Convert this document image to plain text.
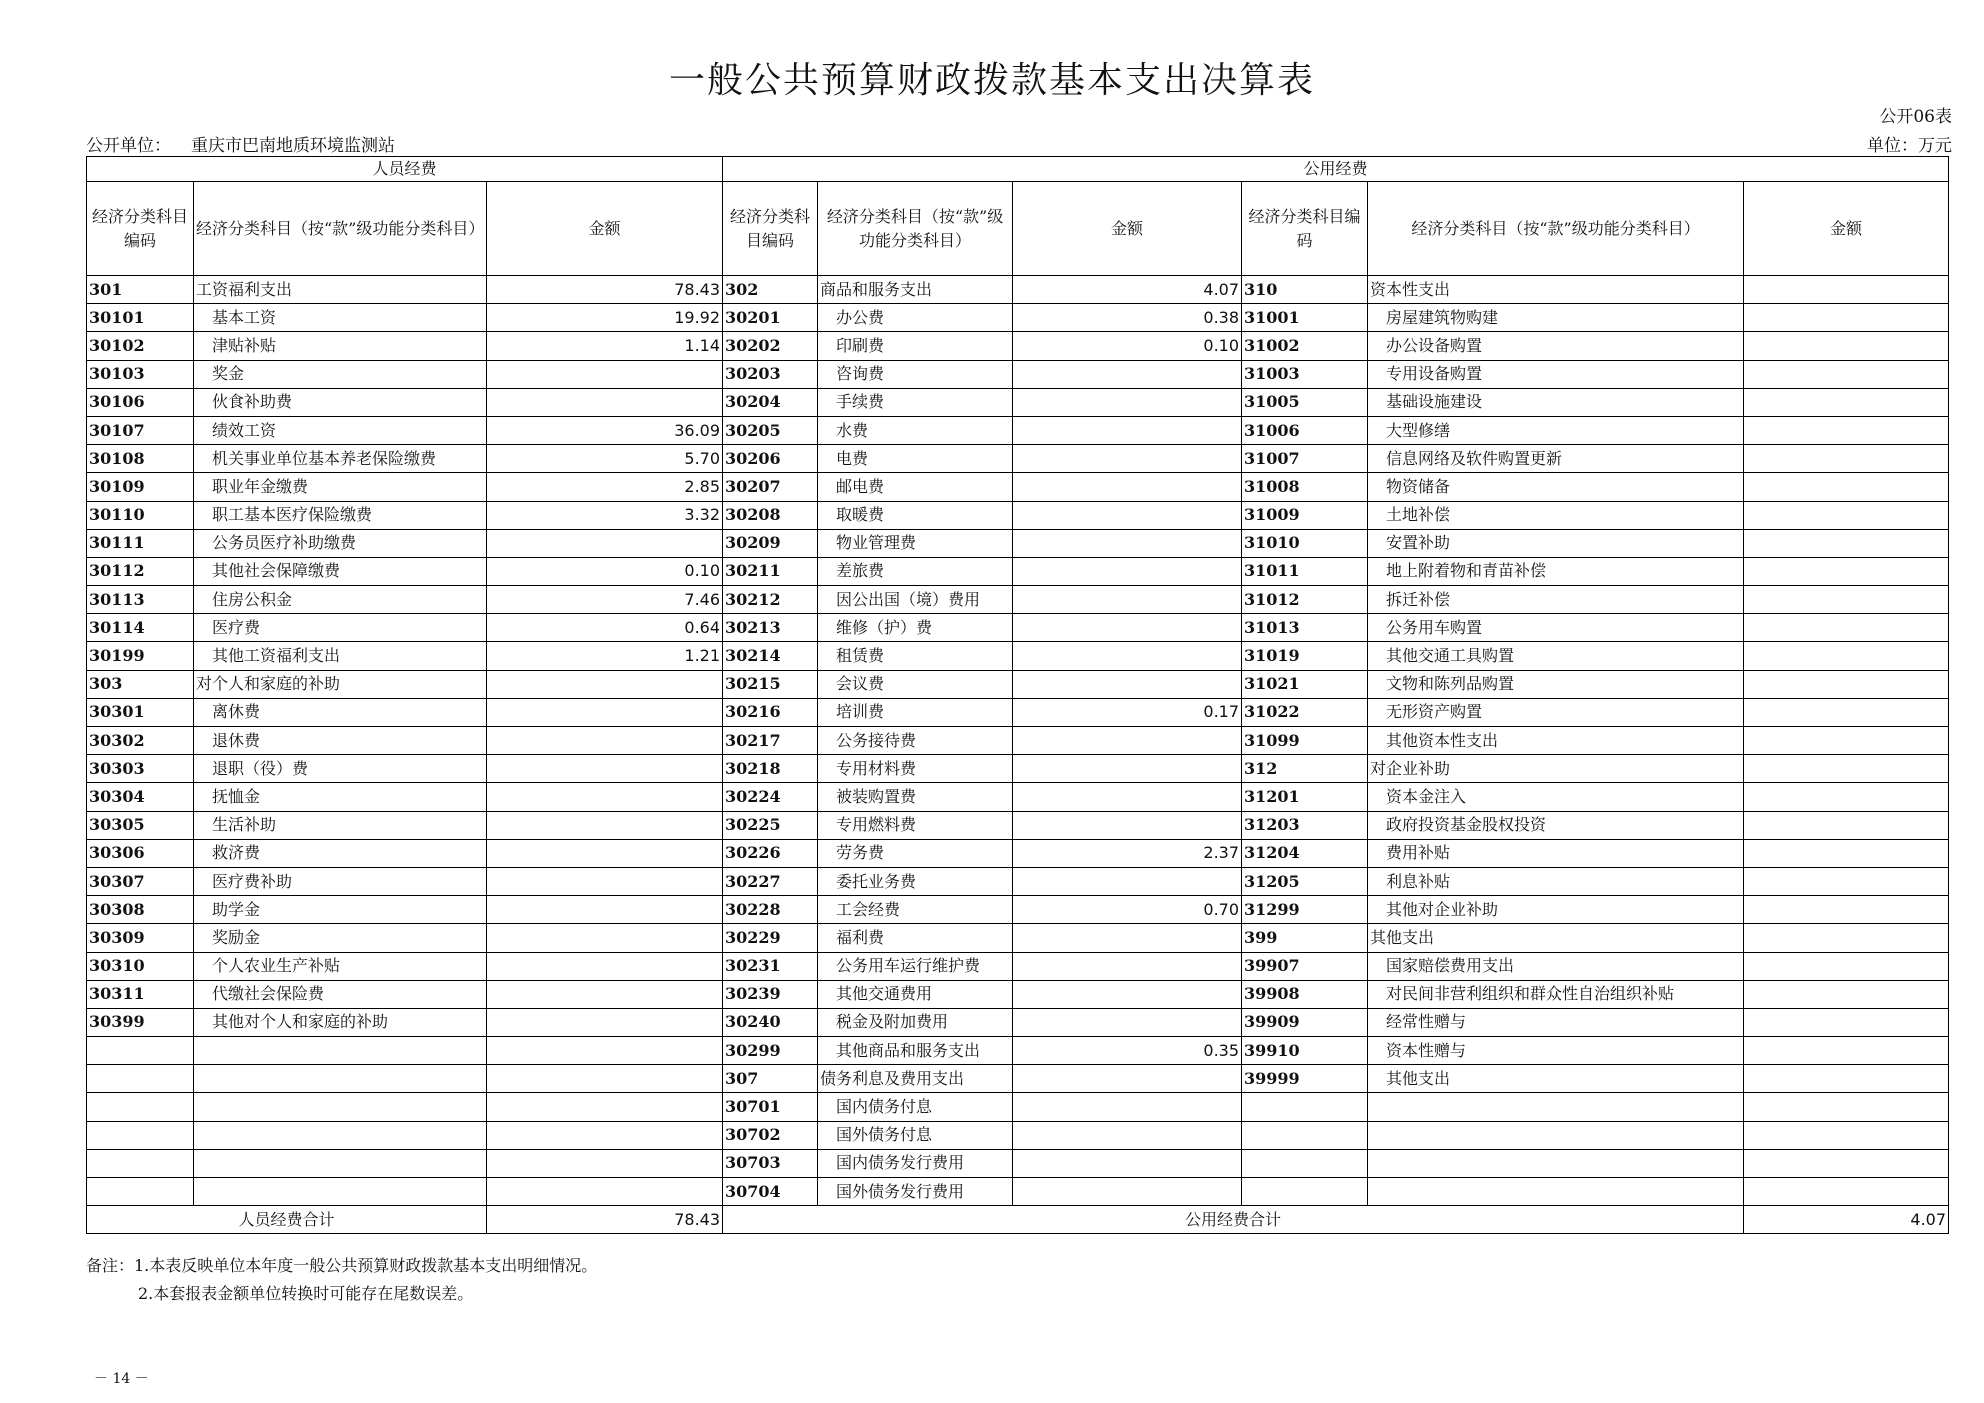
一般公共预算财政拨款基本支出决算表
公开06表
公开单位： 重庆市巴南地质环境监测站	单位：万元
人员经费			公用经费					
经济分类科目编码	经济分类科目（按“款”级功能分类科目）	金额	经济分类科目编码	经济分类科目（按“款”级功能分类科目）	金额	经济分类科目编码	经济分类科目（按“款”级功能分类科目）	金额
301	工资福利支出	78.43	302	商品和服务支出	4.07	310	资本性支出	
30101	基本工资	19.92	30201	办公费	0.38	31001	房屋建筑物购建	
30102	津贴补贴	1.14	30202	印刷费	0.10	31002	办公设备购置	
30103	奖金		30203	咨询费		31003	专用设备购置	
30106	伙食补助费		30204	手续费		31005	基础设施建设	
30107	绩效工资	36.09	30205	水费		31006	大型修缮	
30108	机关事业单位基本养老保险缴费	5.70	30206	电费		31007	信息网络及软件购置更新	
30109	职业年金缴费	2.85	30207	邮电费		31008	物资储备	
30110	职工基本医疗保险缴费	3.32	30208	取暖费		31009	土地补偿	
30111	公务员医疗补助缴费		30209	物业管理费		31010	安置补助	
30112	其他社会保障缴费	0.10	30211	差旅费		31011	地上附着物和青苗补偿	
30113	住房公积金	7.46	30212	因公出国（境）费用		31012	拆迁补偿	
30114	医疗费	0.64	30213	维修（护）费		31013	公务用车购置	
30199	其他工资福利支出	1.21	30214	租赁费		31019	其他交通工具购置	
303	对个人和家庭的补助		30215	会议费		31021	文物和陈列品购置	
30301	离休费		30216	培训费	0.17	31022	无形资产购置	
30302	退休费		30217	公务接待费		31099	其他资本性支出	
30303	退职（役）费		30218	专用材料费		312	对企业补助	
30304	抚恤金		30224	被装购置费		31201	资本金注入	
30305	生活补助		30225	专用燃料费		31203	政府投资基金股权投资	
30306	救济费		30226	劳务费	2.37	31204	费用补贴	
30307	医疗费补助		30227	委托业务费		31205	利息补贴	
30308	助学金		30228	工会经费	0.70	31299	其他对企业补助	
30309	奖励金		30229	福利费		399	其他支出	
30310	个人农业生产补贴		30231	公务用车运行维护费		39907	国家赔偿费用支出	
30311	代缴社会保险费		30239	其他交通费用		39908	对民间非营利组织和群众性自治组织补贴	
30399	其他对个人和家庭的补助		30240	税金及附加费用		39909	经常性赠与	
			30299	其他商品和服务支出	0.35	39910	资本性赠与	
			307	债务利息及费用支出		39999	其他支出	
			30701	国内债务付息				
			30702	国外债务付息				
			30703	国内债务发行费用				
			30704	国外债务发行费用				
人员经费合计		78.43	公用经费合计					4.07
备注：1.本表反映单位本年度一般公共预算财政拨款基本支出明细情况。
2.本套报表金额单位转换时可能存在尾数误差。
－ 14 －
